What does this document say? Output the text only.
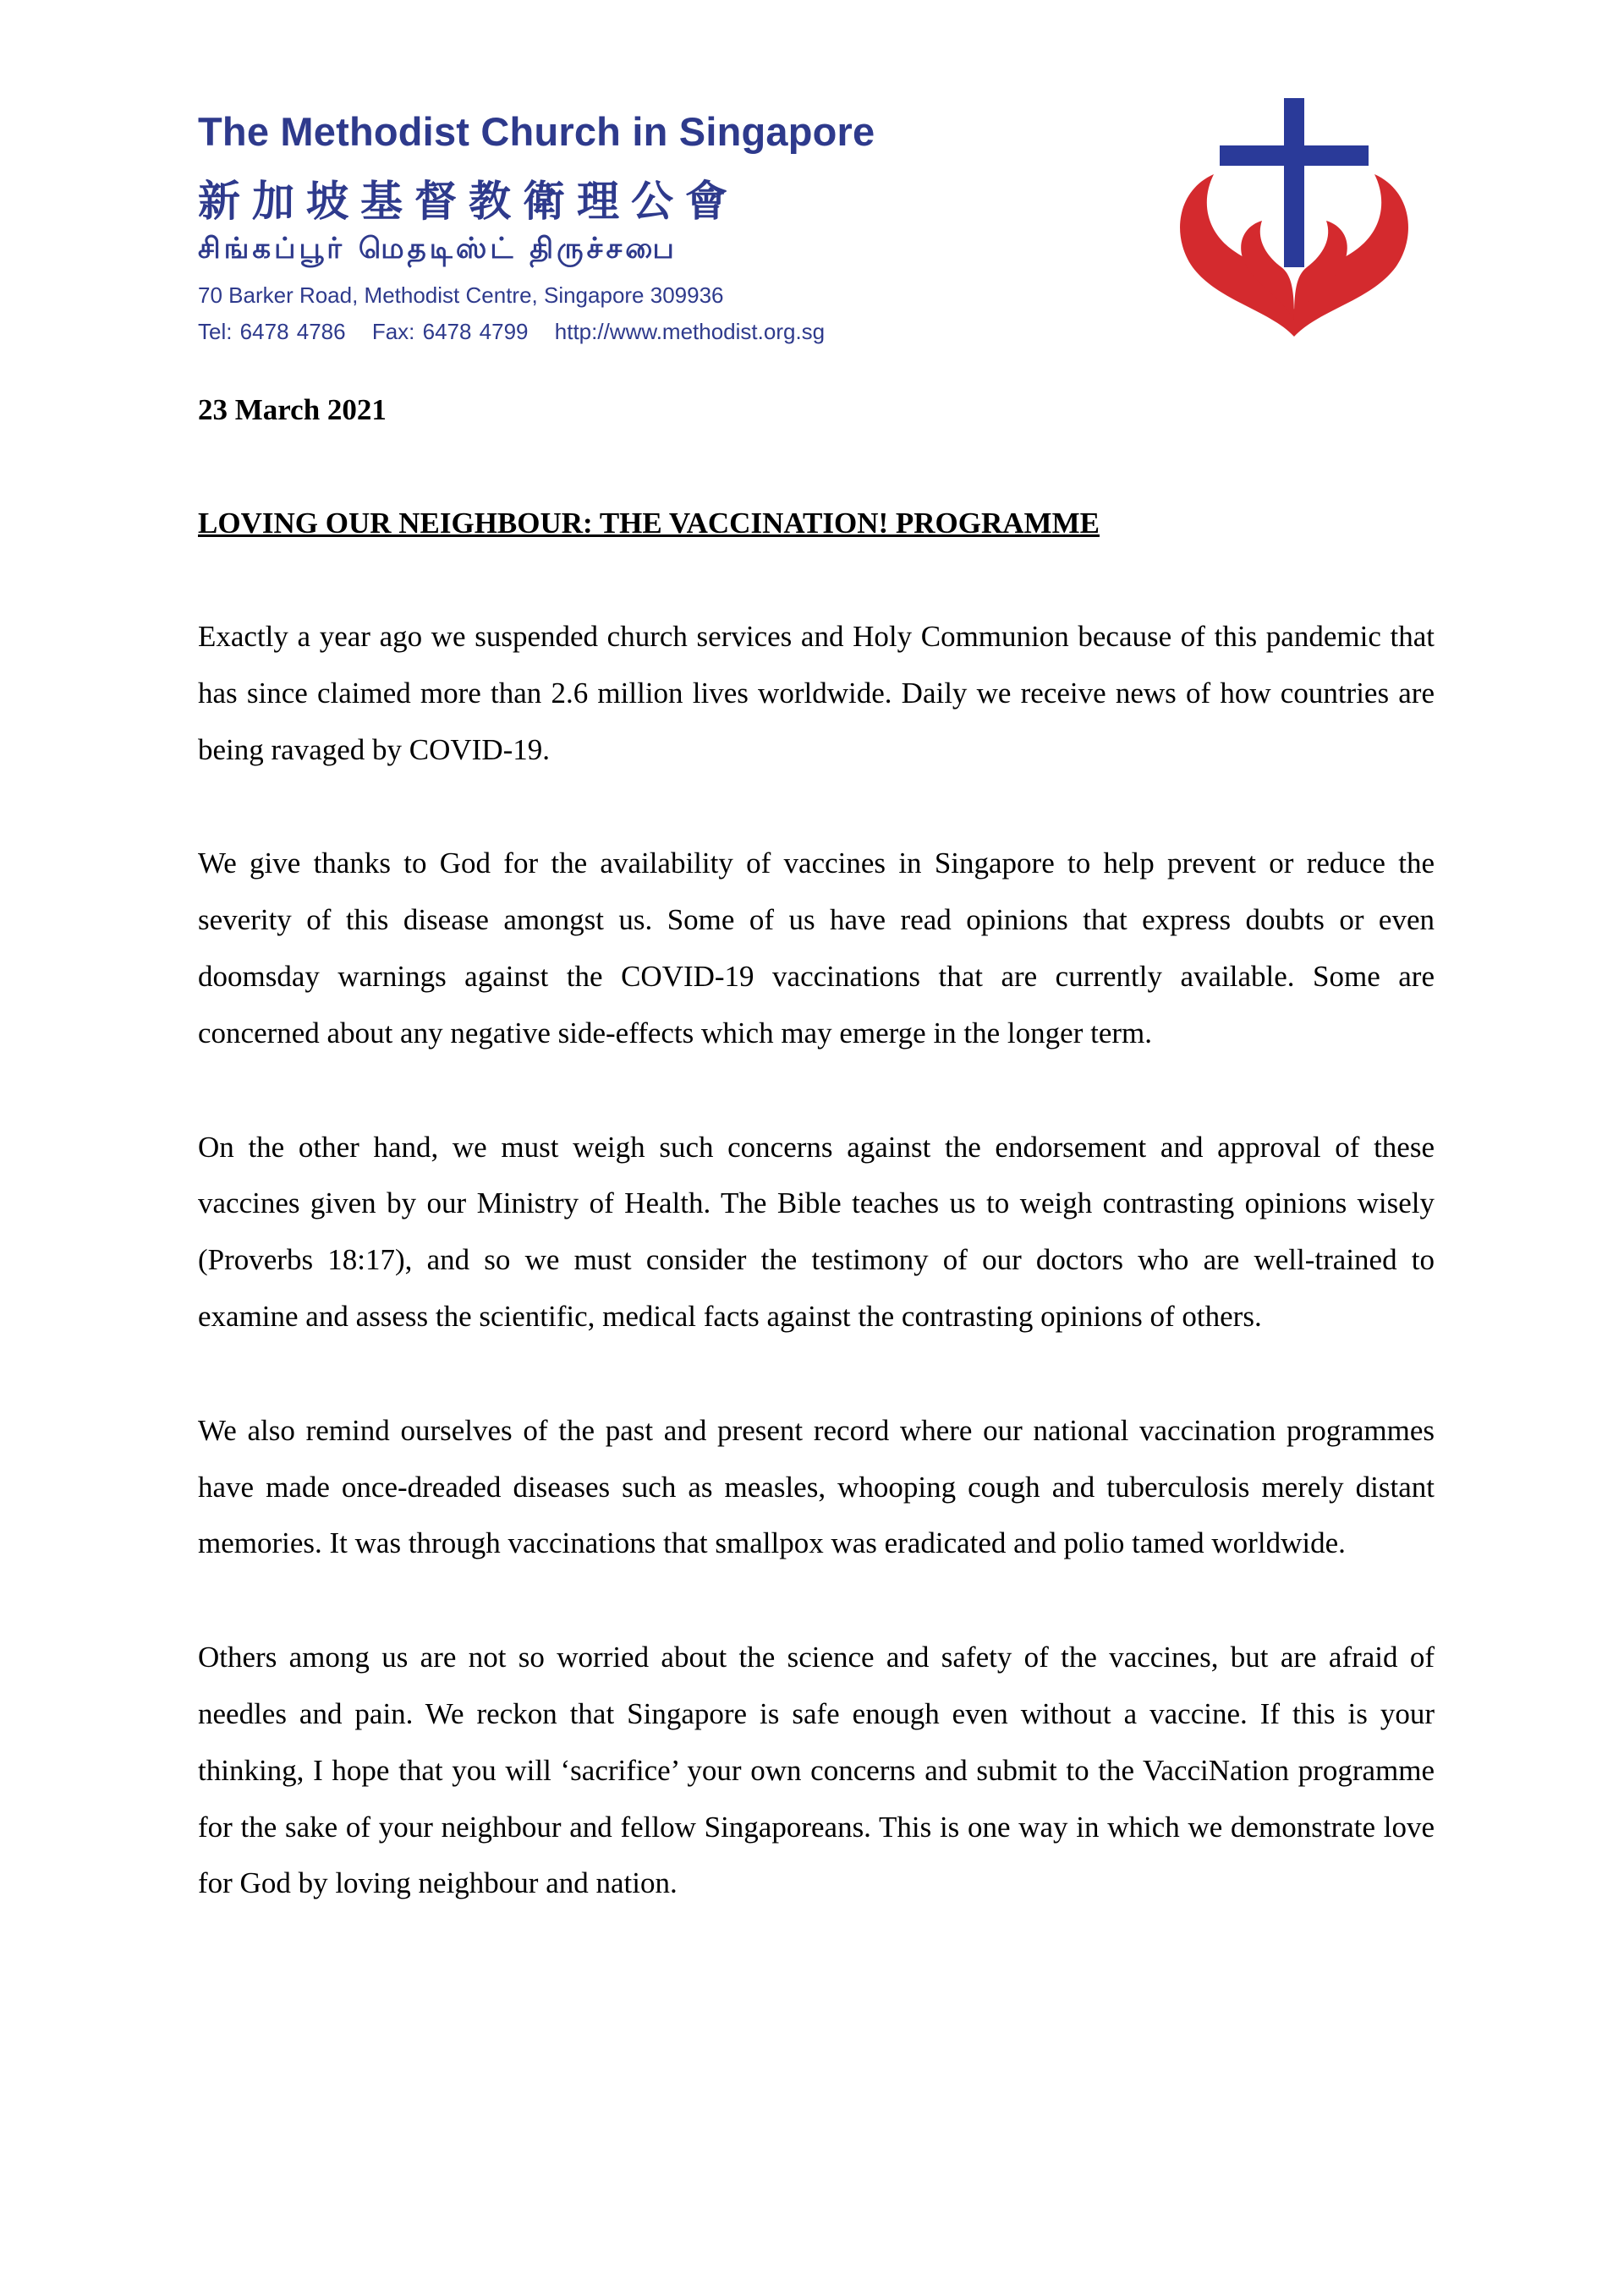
The Methodist Church in Singapore
新加坡基督教衛理公會
சிங்கப்பூர் மெதடிஸ்ட் திருச்சபை
70 Barker Road, Methodist Centre, Singapore 309936
Tel: 6478 4786 Fax: 6478 4799 http://www.methodist.org.sg
23 March 2021
LOVING OUR NEIGHBOUR: THE VACCINATION! PROGRAMME

Exactly a year ago we suspended church services and Holy Communion because of this pandemic that has since claimed more than 2.6 million lives worldwide. Daily we receive news of how countries are being ravaged by COVID-19.

We give thanks to God for the availability of vaccines in Singapore to help prevent or reduce the severity of this disease amongst us. Some of us have read opinions that express doubts or even doomsday warnings against the COVID-19 vaccinations that are currently available. Some are concerned about any negative side-effects which may emerge in the longer term.

On the other hand, we must weigh such concerns against the endorsement and approval of these vaccines given by our Ministry of Health. The Bible teaches us to weigh contrasting opinions wisely (Proverbs 18:17), and so we must consider the testimony of our doctors who are well-trained to examine and assess the scientific, medical facts against the contrasting opinions of others.

We also remind ourselves of the past and present record where our national vaccination programmes have made once-dreaded diseases such as measles, whooping cough and tuberculosis merely distant memories. It was through vaccinations that smallpox was eradicated and polio tamed worldwide.

Others among us are not so worried about the science and safety of the vaccines, but are afraid of needles and pain. We reckon that Singapore is safe enough even without a vaccine. If this is your thinking, I hope that you will ‘sacrifice’ your own concerns and submit to the VacciNation programme for the sake of your neighbour and fellow Singaporeans. This is one way in which we demonstrate love for God by loving neighbour and nation.
